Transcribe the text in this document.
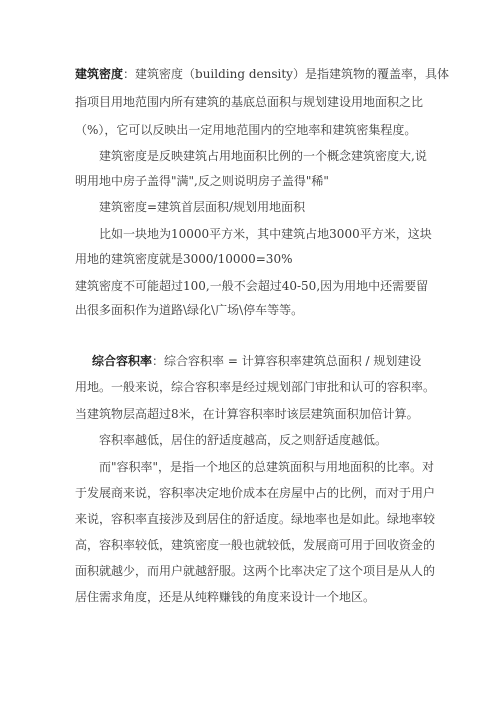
建筑密度：建筑密度（building density）是指建筑物的覆盖率，具体
指项目用地范围内所有建筑的基底总面积与规划建设用地面积之比
（%），它可以反映出一定用地范围内的空地率和建筑密集程度。
建筑密度是反映建筑占用地面积比例的一个概念建筑密度大,说
明用地中房子盖得"满",反之则说明房子盖得"稀"
建筑密度=建筑首层面积/规划用地面积
比如一块地为10000平方米，其中建筑占地3000平方米，这块
用地的建筑密度就是3000/10000=30%
建筑密度不可能超过100,一般不会超过40-50,因为用地中还需要留
出很多面积作为道路\绿化\广场\停车等等。
综合容积率：综合容积率 = 计算容积率建筑总面积 / 规划建设
用地。一般来说，综合容积率是经过规划部门审批和认可的容积率。
当建筑物层高超过8米，在计算容积率时该层建筑面积加倍计算。
容积率越低，居住的舒适度越高，反之则舒适度越低。
而"容积率"，是指一个地区的总建筑面积与用地面积的比率。对
于发展商来说，容积率决定地价成本在房屋中占的比例，而对于用户
来说，容积率直接涉及到居住的舒适度。绿地率也是如此。绿地率较
高，容积率较低，建筑密度一般也就较低，发展商可用于回收资金的
面积就越少，而用户就越舒服。这两个比率决定了这个项目是从人的
居住需求角度，还是从纯粹赚钱的角度来设计一个地区。
